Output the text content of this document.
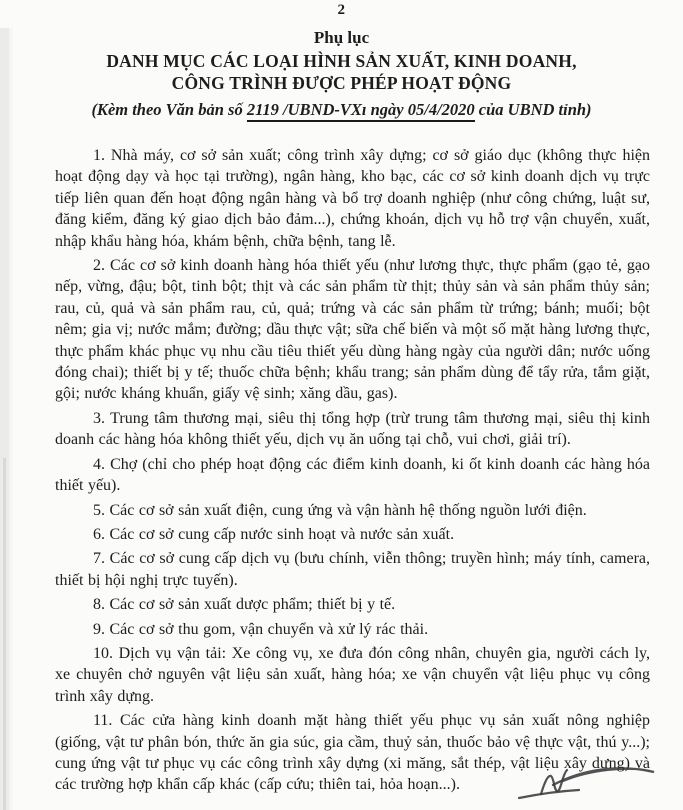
2
Phụ lục
DANH MỤC CÁC LOẠI HÌNH SẢN XUẤT, KINH DOANH,
CÔNG TRÌNH ĐƯỢC PHÉP HOẠT ĐỘNG
(Kèm theo Văn bản số 2119 /UBND-VXı ngày 05/4/2020 của UBND tỉnh)

1. Nhà máy, cơ sở sản xuất; công trình xây dựng; cơ sở giáo dục (không thực hiện hoạt động dạy và học tại trường), ngân hàng, kho bạc, các cơ sở kinh doanh dịch vụ trực tiếp liên quan đến hoạt động ngân hàng và bổ trợ doanh nghiệp (như công chứng, luật sư, đăng kiểm, đăng ký giao dịch bảo đảm...), chứng khoán, dịch vụ hỗ trợ vận chuyển, xuất, nhập khẩu hàng hóa, khám bệnh, chữa bệnh, tang lễ.

2. Các cơ sở kinh doanh hàng hóa thiết yếu (như lương thực, thực phẩm (gạo tẻ, gạo nếp, vừng, đậu; bột, tinh bột; thịt và các sản phẩm từ thịt; thủy sản và sản phẩm thủy sản; rau, củ, quả và sản phẩm rau, củ, quả; trứng và các sản phẩm từ trứng; bánh; muối; bột nêm; gia vị; nước mắm; đường; dầu thực vật; sữa chế biến và một số mặt hàng lương thực, thực phẩm khác phục vụ nhu cầu tiêu thiết yếu dùng hàng ngày của người dân; nước uống đóng chai); thiết bị y tế; thuốc chữa bệnh; khẩu trang; sản phẩm dùng để tẩy rửa, tắm giặt, gội; nước kháng khuẩn, giấy vệ sinh; xăng dầu, gas).

3. Trung tâm thương mại, siêu thị tổng hợp (trừ trung tâm thương mại, siêu thị kinh doanh các hàng hóa không thiết yếu, dịch vụ ăn uống tại chỗ, vui chơi, giải trí).

4. Chợ (chỉ cho phép hoạt động các điểm kinh doanh, ki ốt kinh doanh các hàng hóa thiết yếu).

5. Các cơ sở sản xuất điện, cung ứng và vận hành hệ thống nguồn lưới điện.

6. Các cơ sở cung cấp nước sinh hoạt và nước sản xuất.

7. Các cơ sở cung cấp dịch vụ (bưu chính, viễn thông; truyền hình; máy tính, camera, thiết bị hội nghị trực tuyến).

8. Các cơ sở sản xuất dược phẩm; thiết bị y tế.

9. Các cơ sở thu gom, vận chuyển và xử lý rác thải.

10. Dịch vụ vận tải: Xe công vụ, xe đưa đón công nhân, chuyên gia, người cách ly, xe chuyên chở nguyên vật liệu sản xuất, hàng hóa; xe vận chuyển vật liệu phục vụ công trình xây dựng.

11. Các cửa hàng kinh doanh mặt hàng thiết yếu phục vụ sản xuất nông nghiệp (giống, vật tư phân bón, thức ăn gia súc, gia cầm, thuỷ sản, thuốc bảo vệ thực vật, thú y...); cung ứng vật tư phục vụ các công trình xây dựng (xi măng, sắt thép, vật liệu xây dựng) và các trường hợp khẩn cấp khác (cấp cứu; thiên tai, hỏa hoạn...).
